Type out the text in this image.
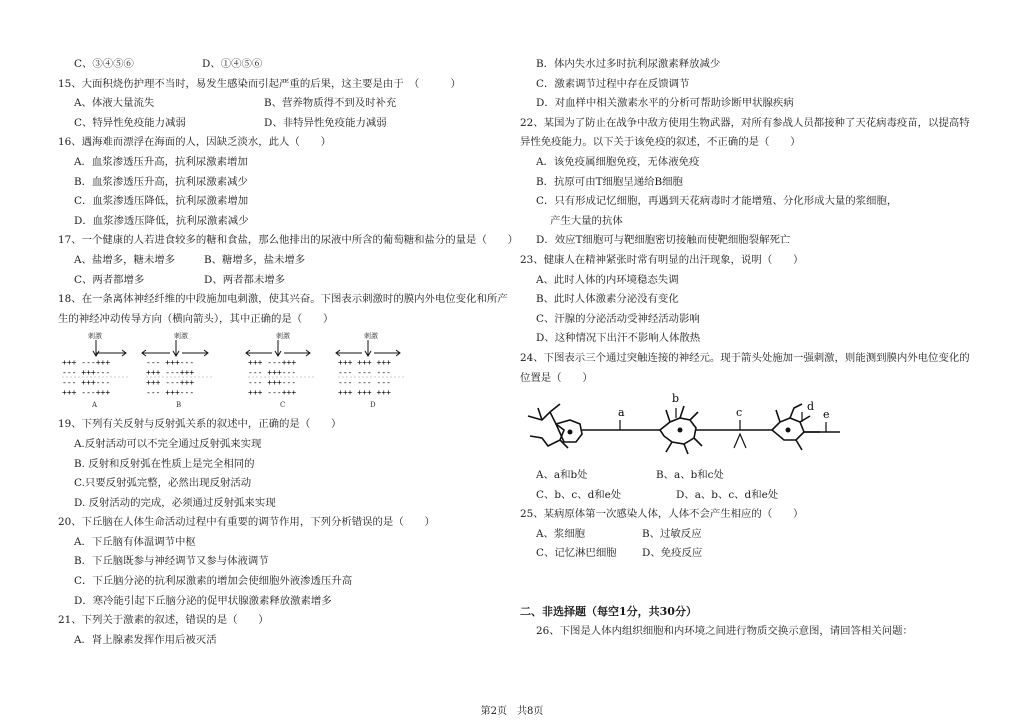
C、③④⑤⑥	D、①④⑤⑥
15、大面积烧伤护理不当时，易发生感染而引起严重的后果，这主要是由于　（　　　）
A、体液大量流失	B、营养物质得不到及时补充
C、特异性免疫能力减弱	D、非特异性免疫能力减弱
16、遇海难而漂浮在海面的人，因缺乏淡水，此人（　　）
A．血浆渗透压升高，抗利尿激素增加
B．血浆渗透压升高，抗利尿激素减少
C．血浆渗透压降低，抗利尿激素增加
D．血浆渗透压降低，抗利尿激素减少
17、一个健康的人若进食较多的糖和食盐，那么他排出的尿液中所含的葡萄糖和盐分的量是（　　）
A、盐增多，糖未增多	B、糖增多，盐未增多
C、两者都增多	D、两者都未增多
18、在一条离体神经纤维的中段施加电刺激，使其兴奋。下图表示刺激时的膜内外电位变化和所产
生的神经冲动传导方向（横向箭头），其中正确的是（　　）
+++ ---+++
--- +++---
--- +++---
+++ ---+++
--- +++---
+++ ---+++
+++ ---+++
--- +++---
+++ ---+++
--- +++---
--- +++---
+++ ---+++
+++ +++ +++
--- --- ---
--- --- ---
+++ +++ +++
刺激	刺激	刺激	刺激
A	B	C	D
19、下列有关反射与反射弧关系的叙述中，正确的是（　　）
A.反射活动可以不完全通过反射弧来实现
B. 反射和反射弧在性质上是完全相同的
C.只要反射弧完整，必然出现反射活动
D. 反射活动的完成，必须通过反射弧来实现
20、下丘脑在人体生命活动过程中有重要的调节作用，下列分析错误的是（　　）
A．下丘脑有体温调节中枢
B．下丘脑既参与神经调节又参与体液调节
C．下丘脑分泌的抗利尿激素的增加会使细胞外液渗透压升高
D．寒冷能引起下丘脑分泌的促甲状腺激素释放激素增多
21、下列关于激素的叙述，错误的是（　　）
A．肾上腺素发挥作用后被灭活
B．体内失水过多时抗利尿激素释放减少
C．激素调节过程中存在反馈调节
D．对血样中相关激素水平的分析可帮助诊断甲状腺疾病
22、某国为了防止在战争中敌方使用生物武器，对所有参战人员都接种了天花病毒疫苗，以提高特
异性免疫能力。以下关于该免疫的叙述，不正确的是（　　）
A．该免疫属细胞免疫，无体液免疫
B．抗原可由T细胞呈递给B细胞
C．只有形成记忆细胞，再遇到天花病毒时才能增殖、分化形成大量的浆细胞，
产生大量的抗体
D．效应T细胞可与靶细胞密切接触而使靶细胞裂解死亡
23、健康人在精神紧张时常有明显的出汗现象，说明（　　）
A、此时人体的内环境稳态失调
B、此时人体激素分泌没有变化
C、汗腺的分泌活动受神经活动影响
D、这种情况下出汗不影响人体散热
24、下图表示三个通过突触连接的神经元。现于箭头处施加一强刺激，则能测到膜内外电位变化的
位置是（　　）
a
b
c	d
e
A、a和b处	B、a、b和c处
C、b、c、d和e处	D、a、b、c、d和e处
25、某病原体第一次感染人体，人体不会产生相应的（　　）
A、浆细胞	B、过敏反应
C、记忆淋巴细胞	D、免疫反应
二、非选择题（每空1分，共30分）
26、下图是人体内组织细胞和内环境之间进行物质交换示意图，请回答相关问题：
第2页　共8页
